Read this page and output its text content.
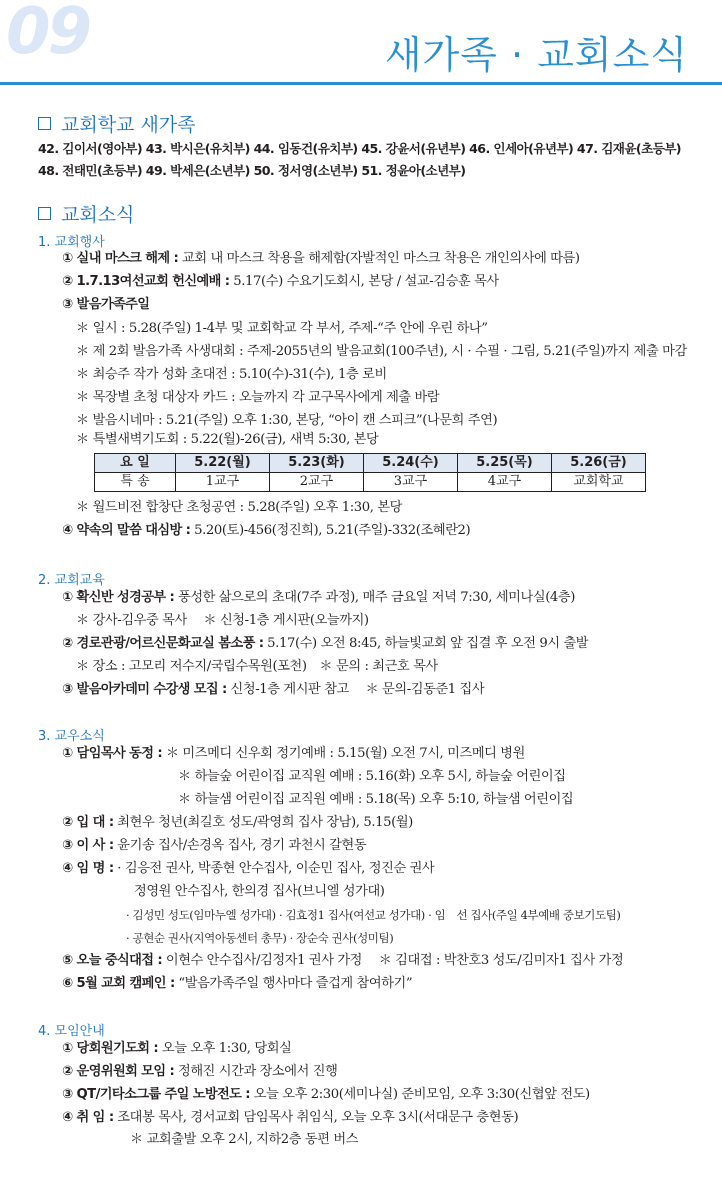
09	새가족 · 교회소식
교회학교 새가족
42. 김이서(영아부) 43. 박시은(유치부) 44. 임동건(유치부) 45. 강윤서(유년부) 46. 인세아(유년부) 47. 김재윤(초등부)
48. 전태민(초등부) 49. 박세은(소년부) 50. 정서영(소년부) 51. 정윤아(소년부)
교회소식
1. 교회행사
① 실내 마스크 해제 : 교회 내 마스크 착용을 해제함(자발적인 마스크 착용은 개인의사에 따름)
② 1.7.13여선교회 헌신예배 : 5.17(수) 수요기도회시, 본당 / 설교-김승훈 목사
③ 발음가족주일
＊ 일시 : 5.28(주일) 1-4부 및 교회학교 각 부서, 주제-“주 안에 우린 하나”
＊ 제 2회 발음가족 사생대회 : 주제-2055년의 발음교회(100주년), 시 · 수필 · 그림, 5.21(주일)까지 제출 마감
＊ 최승주 작가 성화 초대전 : 5.10(수)-31(수), 1층 로비
＊ 목장별 초청 대상자 카드 : 오늘까지 각 교구목사에게 제출 바람
＊ 발음시네마 : 5.21(주일) 오후 1:30, 본당, “아이 캔 스피크”(나문희 주연)
＊ 특별새벽기도회 : 5.22(월)-26(금), 새벽 5:30, 본당
요 일	5.22(월)	5.23(화)	5.24(수)	5.25(목)	5.26(금)
특 송	1교구	2교구	3교구	4교구	교회학교
＊ 월드비전 합창단 초청공연 : 5.28(주일) 오후 1:30, 본당
④ 약속의 말씀 대심방 : 5.20(토)-456(정진희), 5.21(주일)-332(조혜란2)
2. 교회교육
① 확신반 성경공부 : 풍성한 삶으로의 초대(7주 과정), 매주 금요일 저녁 7:30, 세미나실(4층)
＊ 강사-김우중 목사　 ＊ 신청-1층 게시판(오늘까지)
② 경로관광/어르신문화교실 봄소풍 : 5.17(수) 오전 8:45, 하늘빛교회 앞 집결 후 오전 9시 출발
＊ 장소 : 고모리 저수지/국립수목원(포천)　＊ 문의 : 최근호 목사
③ 발음아카데미 수강생 모집 : 신청-1층 게시판 참고　 ＊ 문의-김동준1 집사
3. 교우소식
① 담임목사 동정 : ＊ 미즈메디 신우회 정기예배 : 5.15(월) 오전 7시, 미즈메디 병원
＊ 하늘숲 어린이집 교직원 예배 : 5.16(화) 오후 5시, 하늘숲 어린이집
＊ 하늘샘 어린이집 교직원 예배 : 5.18(목) 오후 5:10, 하늘샘 어린이집
② 입 대 : 최현우 청년(최길호 성도/곽영희 집사 장남), 5.15(월)
③ 이 사 : 윤기송 집사/손경옥 집사, 경기 과천시 갈현동
④ 임 명 : · 김응전 권사, 박종현 안수집사, 이순민 집사, 정진순 권사
정영원 안수집사, 한의경 집사(브니엘 성가대)
· 김성민 성도(임마누엘 성가대) · 김효정1 집사(여선교 성가대) · 임　선 집사(주일 4부예배 중보기도팀)
· 공현순 권사(지역아동센터 총무) · 장순숙 권사(성미팀)
⑤ 오늘 중식대접 : 이현수 안수집사/김정자1 권사 가정　 ＊ 김대접 : 박찬호3 성도/김미자1 집사 가정
⑥ 5월 교회 캠페인 : “발음가족주일 행사마다 즐겁게 참여하기”
4. 모임안내
① 당회원기도회 : 오늘 오후 1:30, 당회실
② 운영위원회 모임 : 정해진 시간과 장소에서 진행
③ QT/기타소그룹 주일 노방전도 : 오늘 오후 2:30(세미나실) 준비모임, 오후 3:30(신협앞 전도)
④ 취 임 : 조대봉 목사, 경서교회 담임목사 취임식, 오늘 오후 3시(서대문구 충현동)
＊ 교회출발 오후 2시, 지하2층 동편 버스
